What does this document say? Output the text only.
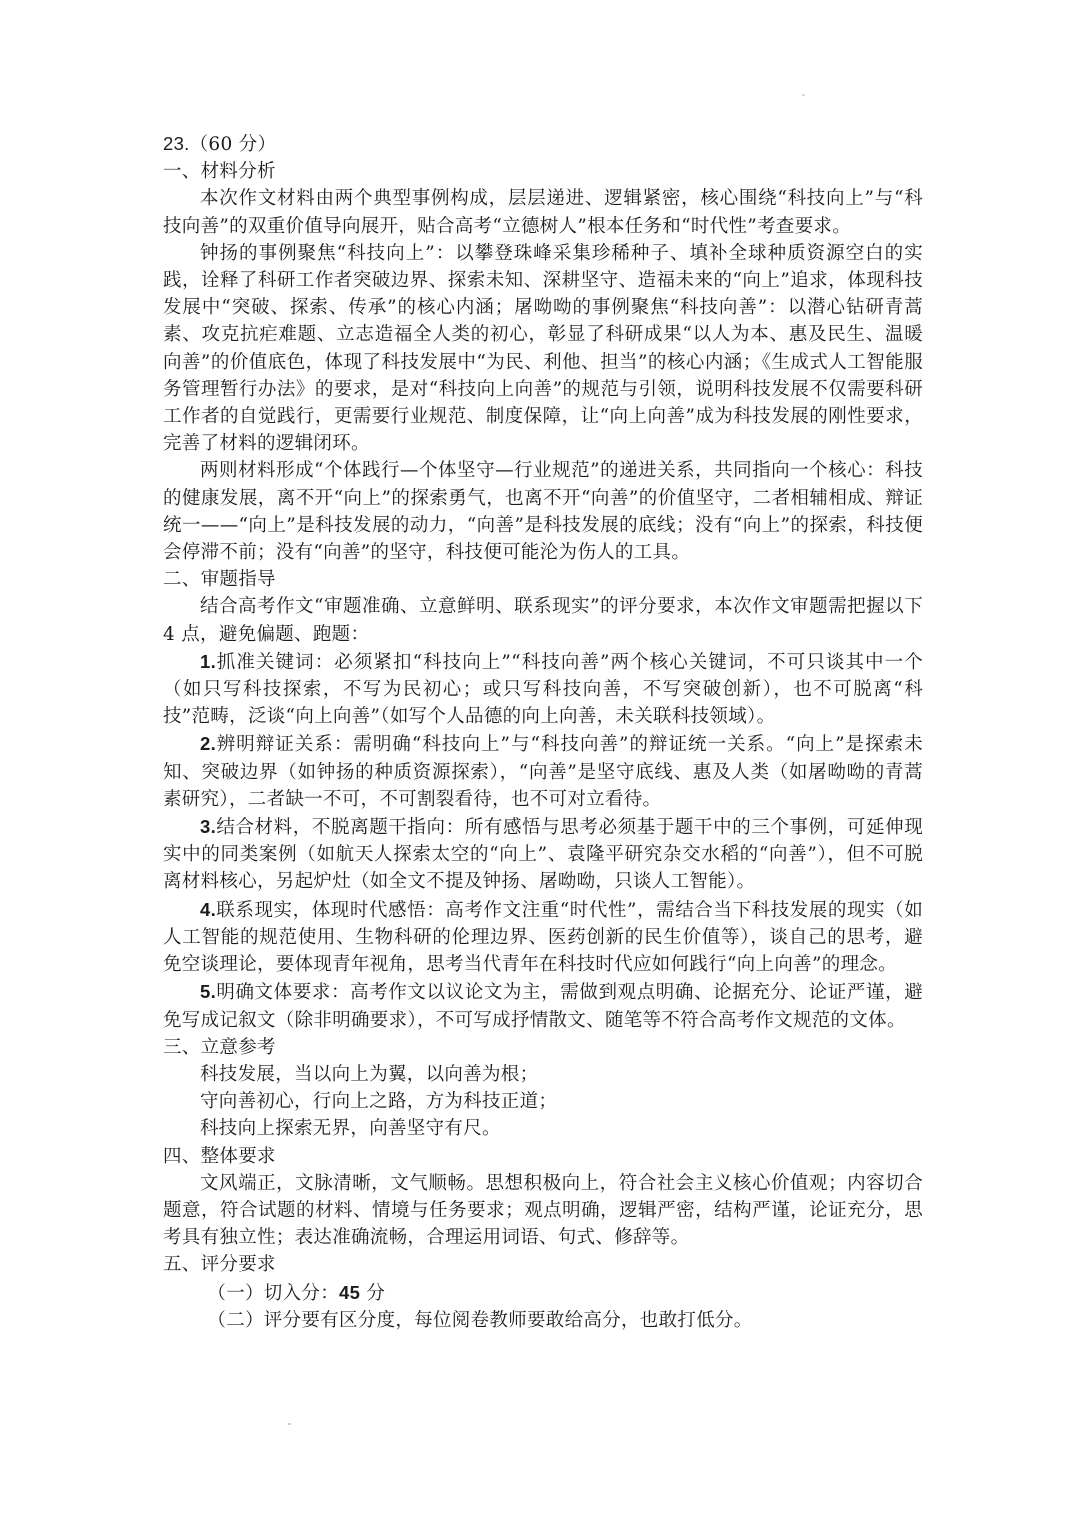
23.（60 分）
一、材料分析
本次作文材料由两个典型事例构成，层层递进、逻辑紧密，核心围绕“科技向上”与“科技向善”的双重价值导向展开，贴合高考“立德树人”根本任务和“时代性”考查要求。
钟扬的事例聚焦“科技向上”：以攀登珠峰采集珍稀种子、填补全球种质资源空白的实践，诠释了科研工作者突破边界、探索未知、深耕坚守、造福未来的“向上”追求，体现科技发展中“突破、探索、传承”的核心内涵；屠呦呦的事例聚焦“科技向善”：以潜心钻研青蒿素、攻克抗疟难题、立志造福全人类的初心，彰显了科研成果“以人为本、惠及民生、温暖向善”的价值底色，体现了科技发展中“为民、利他、担当”的核心内涵；《生成式人工智能服务管理暂行办法》的要求，是对“科技向上向善”的规范与引领，说明科技发展不仅需要科研工作者的自觉践行，更需要行业规范、制度保障，让“向上向善”成为科技发展的刚性要求，完善了材料的逻辑闭环。
两则材料形成“个体践行—个体坚守—行业规范”的递进关系，共同指向一个核心：科技的健康发展，离不开“向上”的探索勇气，也离不开“向善”的价值坚守，二者相辅相成、辩证统一——“向上”是科技发展的动力，“向善”是科技发展的底线；没有“向上”的探索，科技便会停滞不前；没有“向善”的坚守，科技便可能沦为伤人的工具。
二、审题指导
结合高考作文“审题准确、立意鲜明、联系现实”的评分要求，本次作文审题需把握以下 4 点，避免偏题、跑题：
1.抓准关键词：必须紧扣“科技向上”“科技向善”两个核心关键词，不可只谈其中一个（如只写科技探索，不写为民初心；或只写科技向善，不写突破创新），也不可脱离“科技”范畴，泛谈“向上向善”（如写个人品德的向上向善，未关联科技领域）。
2.辨明辩证关系：需明确“科技向上”与“科技向善”的辩证统一关系。“向上”是探索未知、突破边界（如钟扬的种质资源探索），“向善”是坚守底线、惠及人类（如屠呦呦的青蒿素研究），二者缺一不可，不可割裂看待，也不可对立看待。
3.结合材料，不脱离题干指向：所有感悟与思考必须基于题干中的三个事例，可延伸现实中的同类案例（如航天人探索太空的“向上”、袁隆平研究杂交水稻的“向善”），但不可脱离材料核心，另起炉灶（如全文不提及钟扬、屠呦呦，只谈人工智能）。
4.联系现实，体现时代感悟：高考作文注重“时代性”，需结合当下科技发展的现实（如人工智能的规范使用、生物科研的伦理边界、医药创新的民生价值等），谈自己的思考，避免空谈理论，要体现青年视角，思考当代青年在科技时代应如何践行“向上向善”的理念。
5.明确文体要求：高考作文以议论文为主，需做到观点明确、论据充分、论证严谨，避免写成记叙文（除非明确要求），不可写成抒情散文、随笔等不符合高考作文规范的文体。
三、立意参考
科技发展，当以向上为翼，以向善为根；
守向善初心，行向上之路，方为科技正道；
科技向上探索无界，向善坚守有尺。
四、整体要求
文风端正，文脉清晰，文气顺畅。思想积极向上，符合社会主义核心价值观；内容切合题意，符合试题的材料、情境与任务要求；观点明确，逻辑严密，结构严谨，论证充分，思考具有独立性；表达准确流畅，合理运用词语、句式、修辞等。
五、评分要求
（一）切入分：45 分
（二）评分要有区分度，每位阅卷教师要敢给高分，也敢打低分。
